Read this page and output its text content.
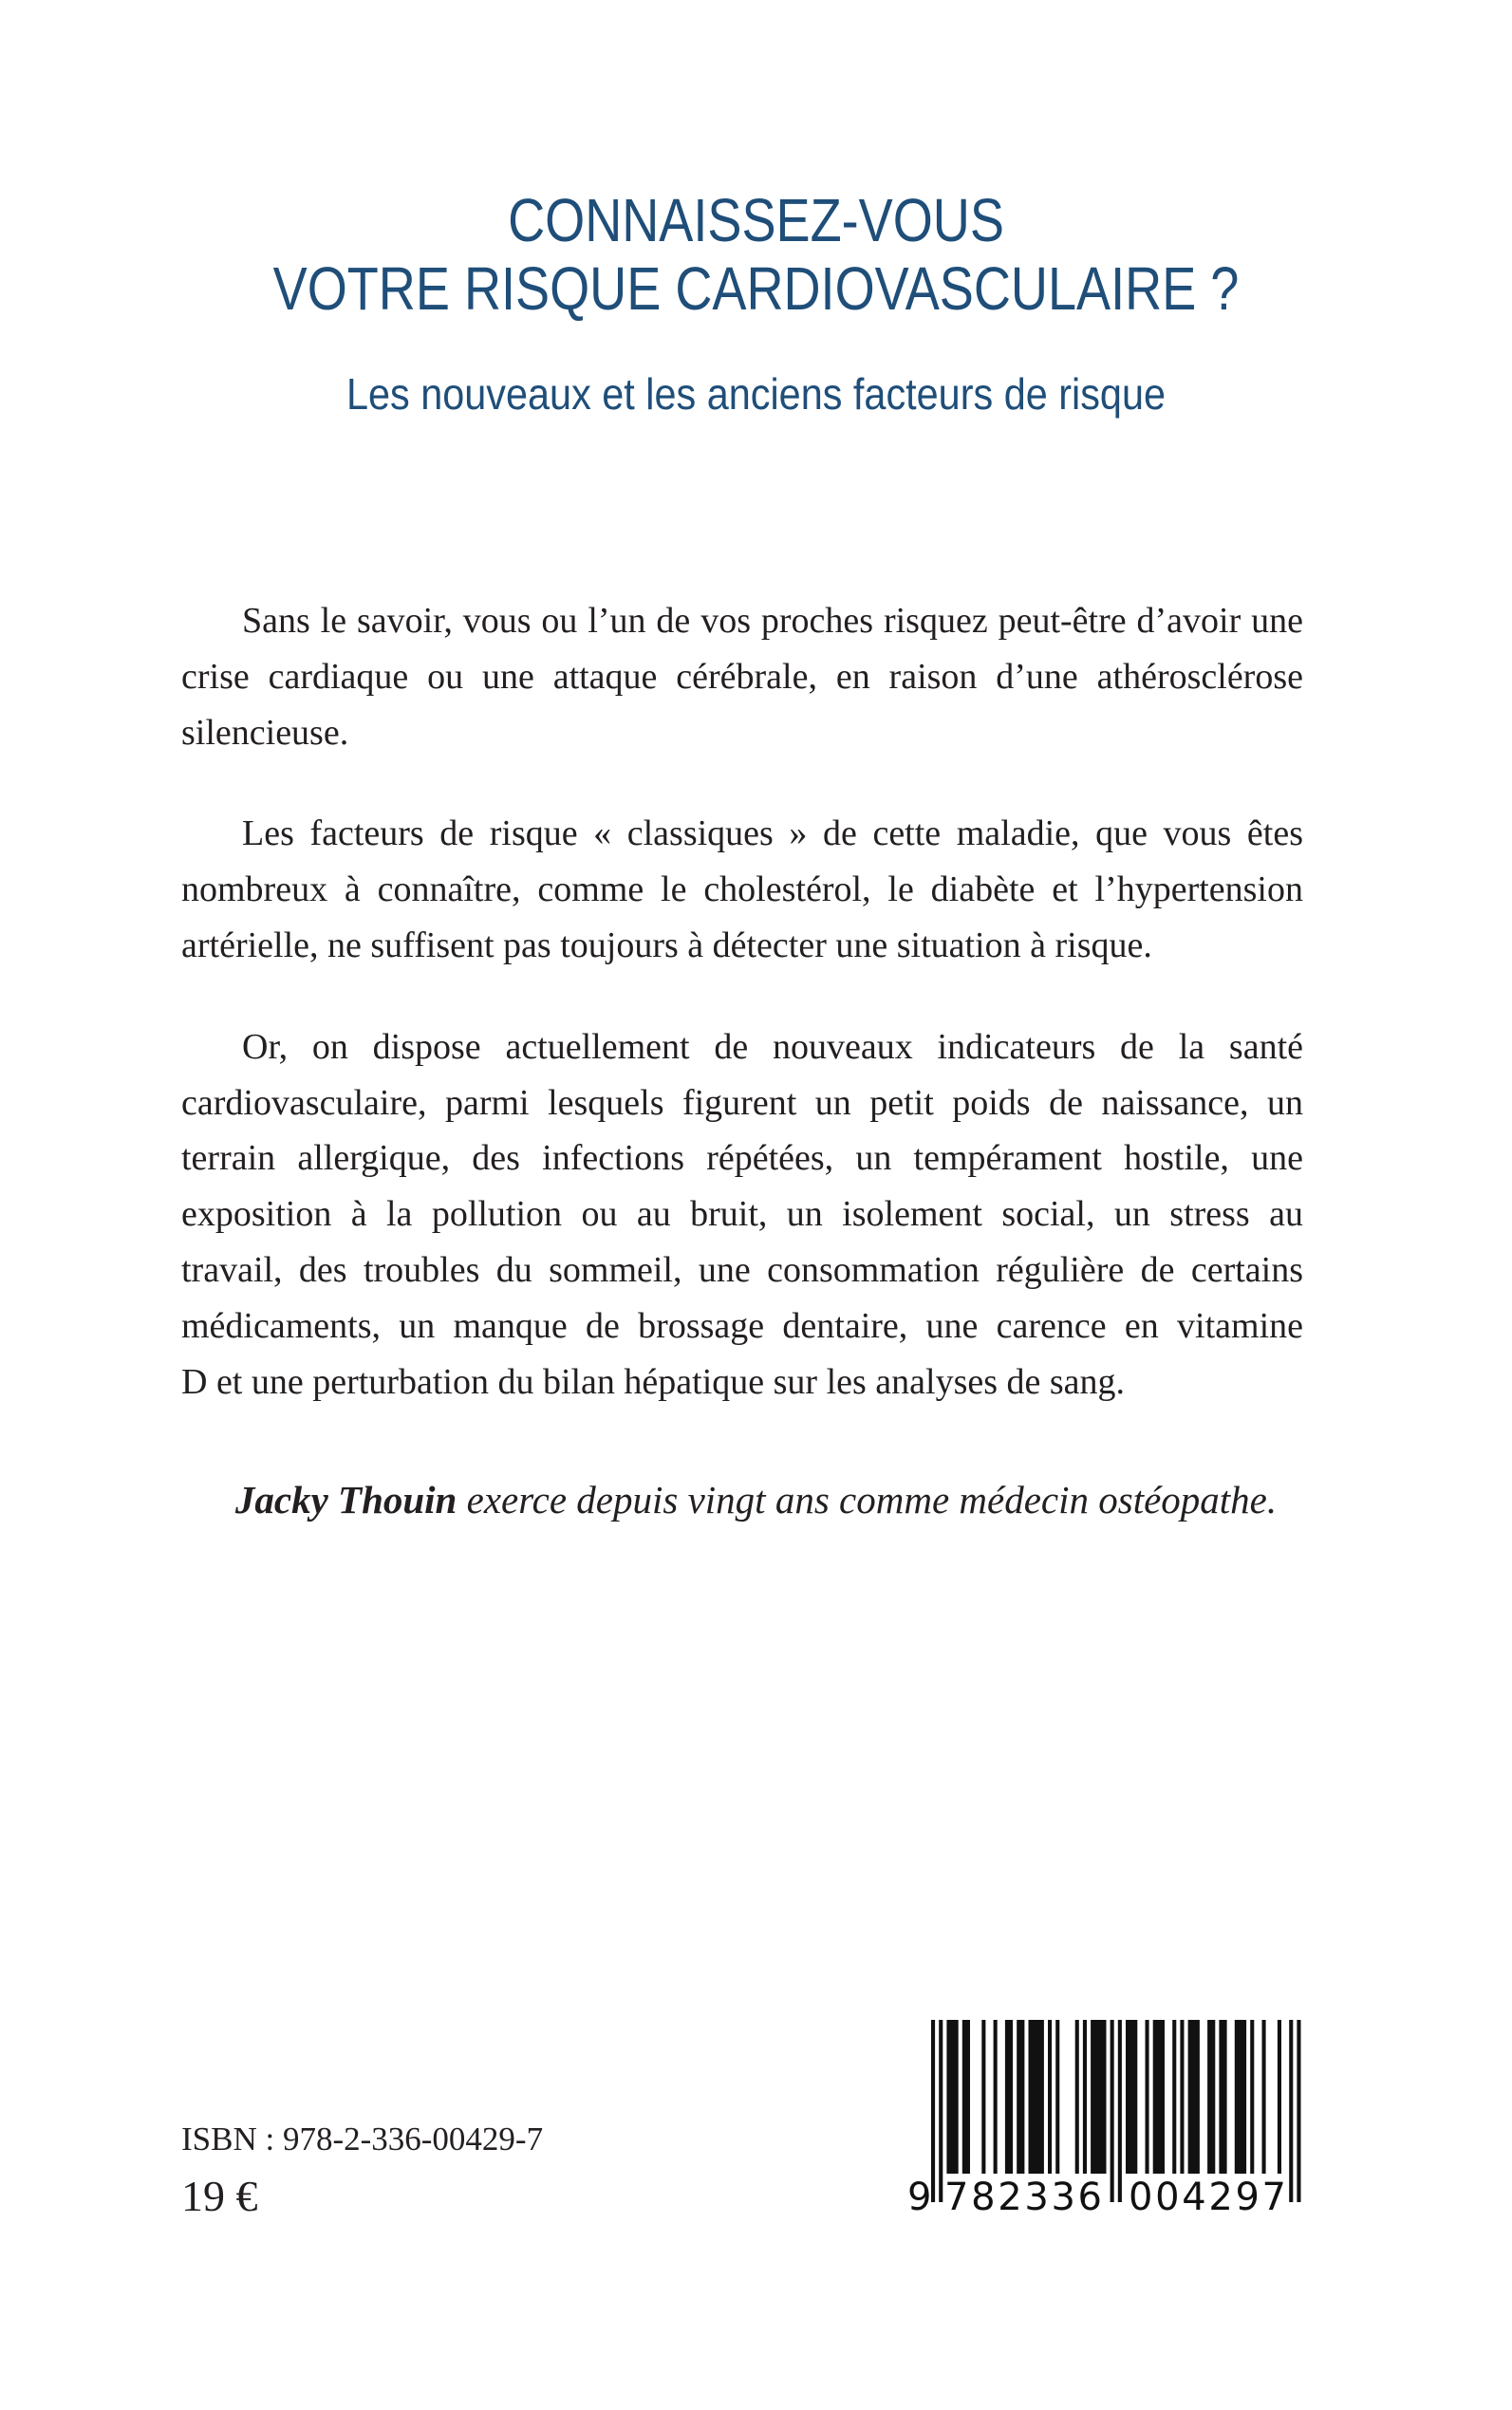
CONNAISSEZ-VOUS
VOTRE RISQUE CARDIOVASCULAIRE ?
Les nouveaux et les anciens facteurs de risque

Sans le savoir, vous ou l’un de vos proches risquez peut-être d’avoir une
crise cardiaque ou une attaque cérébrale, en raison d’une athérosclérose
silencieuse.

Les facteurs de risque « classiques » de cette maladie, que vous êtes
nombreux à connaître, comme le cholestérol, le diabète et l’hypertension
artérielle, ne suffisent pas toujours à détecter une situation à risque.

Or, on dispose actuellement de nouveaux indicateurs de la santé
cardiovasculaire, parmi lesquels figurent un petit poids de naissance, un
terrain allergique, des infections répétées, un tempérament hostile, une
exposition à la pollution ou au bruit, un isolement social, un stress au
travail, des troubles du sommeil, une consommation régulière de certains
médicaments, un manque de brossage dentaire, une carence en vitamine
D et une perturbation du bilan hépatique sur les analyses de sang.

Jacky Thouin exerce depuis vingt ans comme médecin ostéopathe.
ISBN : 978-2-336-00429-7
19 €	9 782336 004297
